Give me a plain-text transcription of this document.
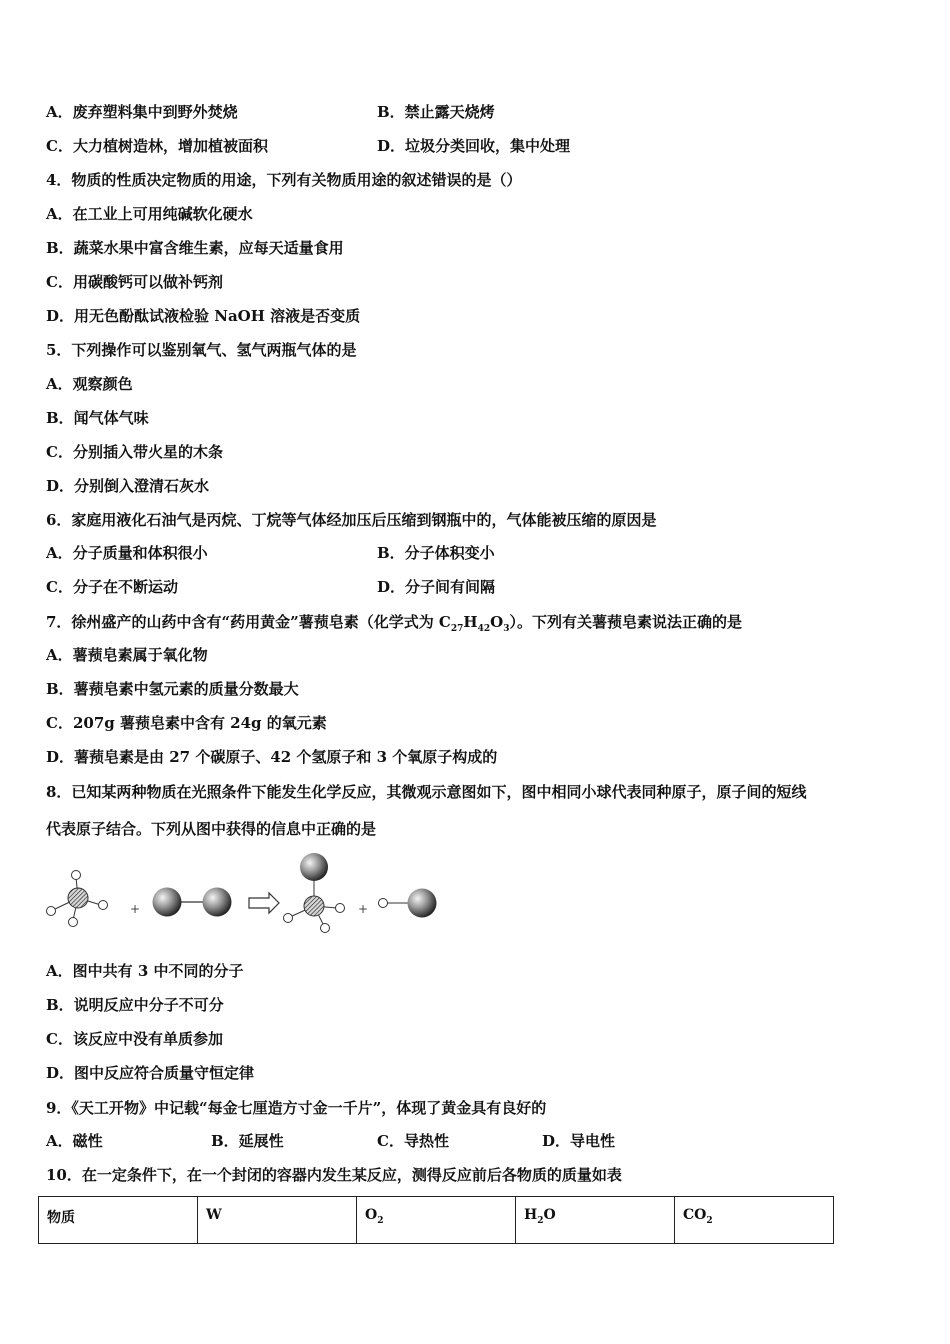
A．废弃塑料集中到野外焚烧	B．禁止露天烧烤
C．大力植树造林，增加植被面积	D．垃圾分类回收，集中处理
4．物质的性质决定物质的用途，下列有关物质用途的叙述错误的是（）
A．在工业上可用纯碱软化硬水
B．蔬菜水果中富含维生素，应每天适量食用
C．用碳酸钙可以做补钙剂
D．用无色酚酞试液检验 NaOH 溶液是否变质
5．下列操作可以鉴别氧气、氢气两瓶气体的是
A．观察颜色
B．闻气体气味
C．分别插入带火星的木条
D．分别倒入澄清石灰水
6．家庭用液化石油气是丙烷、丁烷等气体经加压后压缩到钢瓶中的，气体能被压缩的原因是
A．分子质量和体积很小	B．分子体积变小
C．分子在不断运动	D．分子间有间隔
7．徐州盛产的山药中含有“药用黄金”薯蓣皂素（化学式为 $C_{27}H_{42}O_3$）。下列有关薯蓣皂素说法正确的是
A．薯蓣皂素属于氧化物
B．薯蓣皂素中氢元素的质量分数最大
C．207g 薯蓣皂素中含有 24g 的氧元素
D．薯蓣皂素是由 27 个碳原子、42 个氢原子和 3 个氧原子构成的
8．已知某两种物质在光照条件下能发生化学反应，其微观示意图如下，图中相同小球代表同种原子，原子间的短线
代表原子结合。下列从图中获得的信息中正确的是
+	+
A．图中共有 3 中不同的分子
B．说明反应中分子不可分
C．该反应中没有单质参加
D．图中反应符合质量守恒定律
9．《天工开物》中记载“每金七厘造方寸金一千片”，体现了黄金具有良好的
A．磁性	B．延展性	C．导热性	D．导电性
10．在一定条件下，在一个封闭的容器内发生某反应，测得反应前后各物质的质量如表
物质	W	$O_2$	$H_2O$	$CO_2$
